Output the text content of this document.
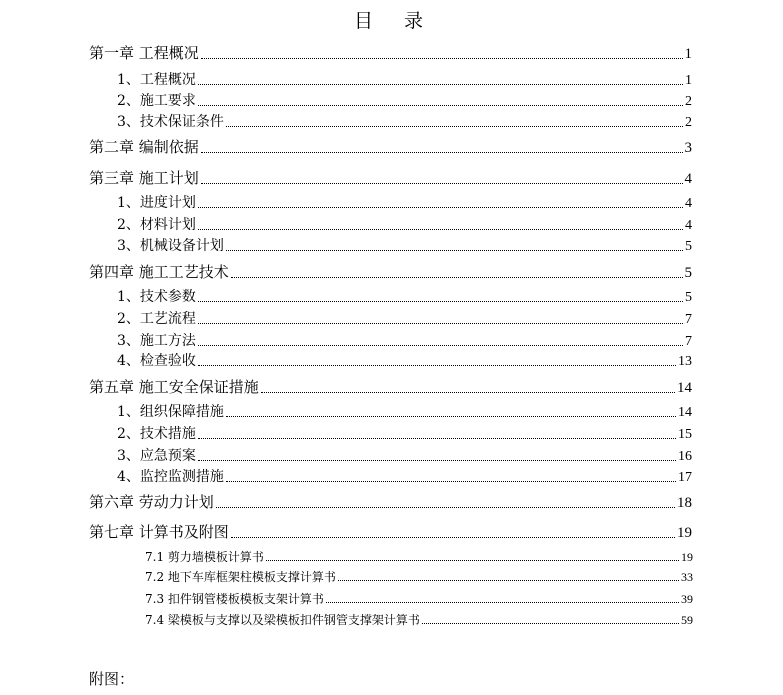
目　录
第一章 工程概况	1
1、工程概况	1
2、施工要求	2
3、技术保证条件	2
第二章 编制依据	3
第三章 施工计划	4
1、进度计划	4
2、材料计划	4
3、机械设备计划	5
第四章 施工工艺技术	5
1、技术参数	5
2、工艺流程	7
3、施工方法	7
4、检查验收	13
第五章 施工安全保证措施	14
1、组织保障措施	14
2、技术措施	15
3、应急预案	16
4、监控监测措施	17
第六章 劳动力计划	18
第七章 计算书及附图	19
7.1 剪力墙模板计算书	19
7.2 地下车库框架柱模板支撑计算书	33
7.3 扣件钢管楼板模板支架计算书	39
7.4 梁模板与支撑以及梁模板扣件钢管支撑架计算书	59
附图：
